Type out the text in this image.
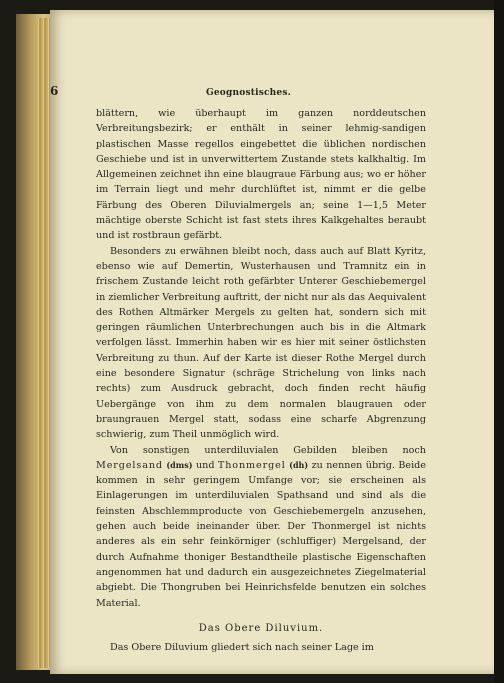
6	Geognostisches.

blättern, wie überhaupt im ganzen norddeutschen Verbreitungsbezirk; er enthält in seiner lehmig-sandigen plastischen Masse regellos eingebettet die üblichen nordischen Geschiebe und ist in unverwittertem Zustande stets kalkhaltig. Im Allgemeinen zeichnet ihn eine blaugraue Färbung aus; wo er höher im Terrain liegt und mehr durchlüftet ist, nimmt er die gelbe Färbung des Oberen Diluvialmergels an; seine 1—1,5 Meter mächtige oberste Schicht ist fast stets ihres Kalkgehaltes beraubt und ist rostbraun gefärbt.

Besonders zu erwähnen bleibt noch, dass auch auf Blatt Kyritz, ebenso wie auf Demertin, Wusterhausen und Tramnitz ein in frischem Zustande leicht roth gefärbter Unterer Geschiebemergel in ziemlicher Verbreitung auftritt, der nicht nur als das Aequivalent des Rothen Altmärker Mergels zu gelten hat, sondern sich mit geringen räumlichen Unterbrechungen auch bis in die Altmark verfolgen lässt. Immerhin haben wir es hier mit seiner östlichsten Verbreitung zu thun. Auf der Karte ist dieser Rothe Mergel durch eine besondere Signatur (schräge Strichelung von links nach rechts) zum Ausdruck gebracht, doch finden recht häufig Uebergänge von ihm zu dem normalen blaugrauen oder braungrauen Mergel statt, sodass eine scharfe Abgrenzung schwierig, zum Theil unmöglich wird.

Von sonstigen unterdiluvialen Gebilden bleiben noch Mergelsand (dms) und Thonmergel (dh) zu nennen übrig. Beide kommen in sehr geringem Umfange vor; sie erscheinen als Einlagerungen im unterdiluvialen Spathsand und sind als die feinsten Abschlemmproducte von Geschiebemergeln anzusehen, gehen auch beide ineinander über. Der Thonmergel ist nichts anderes als ein sehr feinkörniger (schluffiger) Mergelsand, der durch Aufnahme thoniger Bestandtheile plastische Eigenschaften angenommen hat und dadurch ein ausgezeichnetes Ziegelmaterial abgiebt. Die Thongruben bei Heinrichsfelde benutzen ein solches Material.

Das Obere Diluvium.

Das Obere Diluvium gliedert sich nach seiner Lage im
